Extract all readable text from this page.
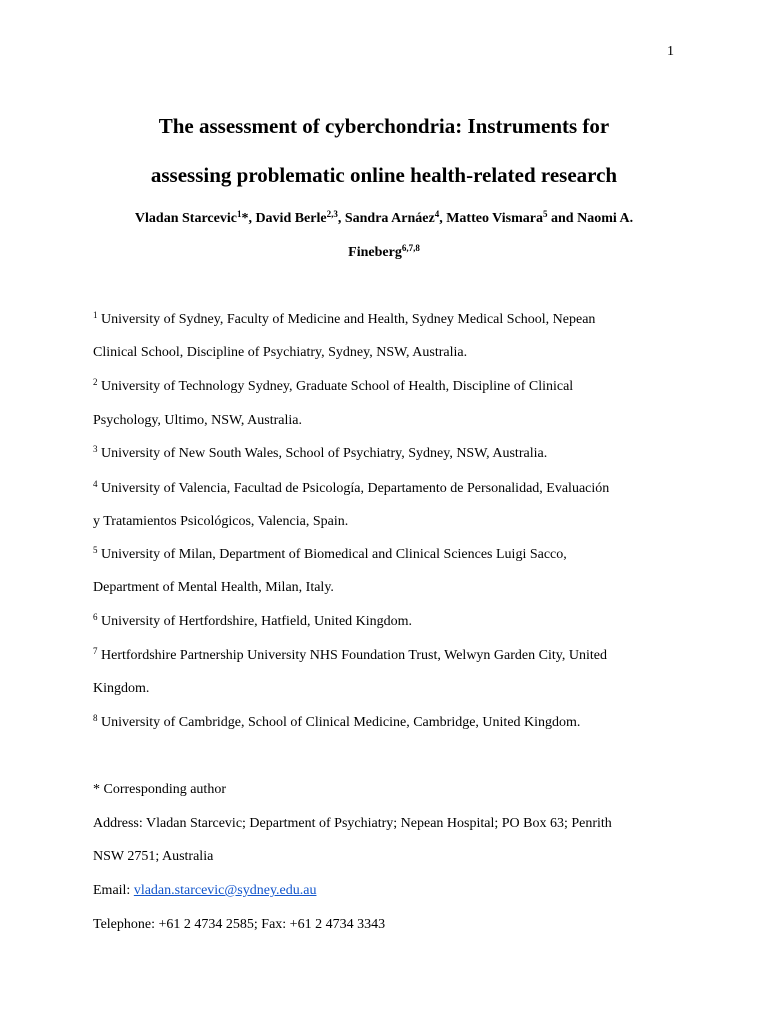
1
The assessment of cyberchondria: Instruments for
assessing problematic online health-related research
Vladan Starcevic$^1$*, David Berle$^{2,3}$, Sandra Arnáez$^4$, Matteo Vismara$^5$ and Naomi A.
Fineberg$^{6,7,8}$
$^1$ University of Sydney, Faculty of Medicine and Health, Sydney Medical School, Nepean
Clinical School, Discipline of Psychiatry, Sydney, NSW, Australia.
$^2$ University of Technology Sydney, Graduate School of Health, Discipline of Clinical
Psychology, Ultimo, NSW, Australia.
$^3$ University of New South Wales, School of Psychiatry, Sydney, NSW, Australia.
$^4$ University of Valencia, Facultad de Psicología, Departamento de Personalidad, Evaluación
y Tratamientos Psicológicos, Valencia, Spain.
$^5$ University of Milan, Department of Biomedical and Clinical Sciences Luigi Sacco,
Department of Mental Health, Milan, Italy.
$^6$ University of Hertfordshire, Hatfield, United Kingdom.
$^7$ Hertfordshire Partnership University NHS Foundation Trust, Welwyn Garden City, United
Kingdom.
$^8$ University of Cambridge, School of Clinical Medicine, Cambridge, United Kingdom.
* Corresponding author
Address: Vladan Starcevic; Department of Psychiatry; Nepean Hospital; PO Box 63; Penrith
NSW 2751; Australia
Email: vladan.starcevic@sydney.edu.au
Telephone: +61 2 4734 2585; Fax: +61 2 4734 3343
